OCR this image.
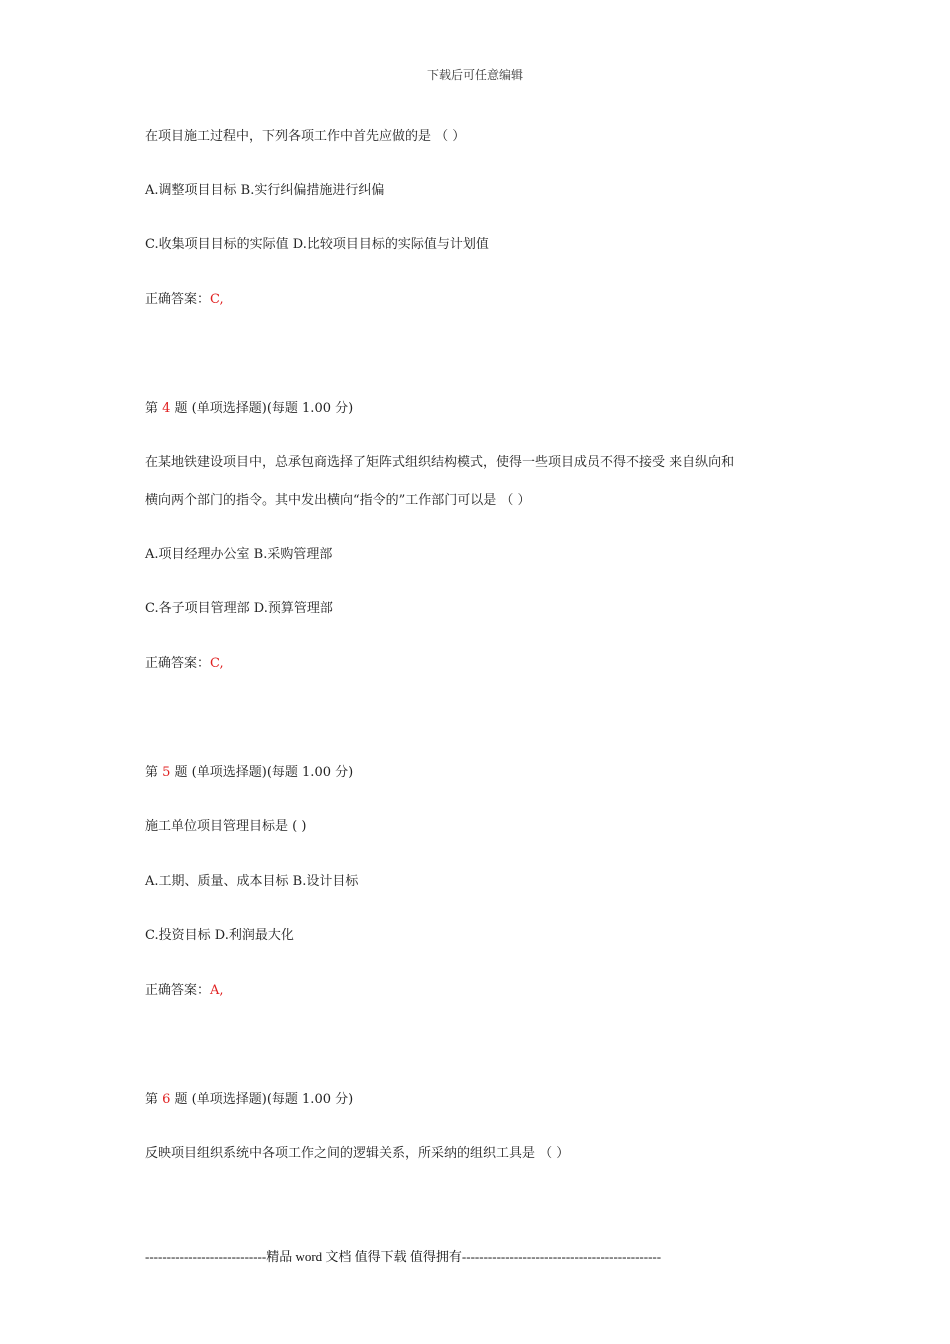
下载后可任意编辑
在项目施工过程中，下列各项工作中首先应做的是 （ ）
A.调整项目目标 B.实行纠偏措施进行纠偏
C.收集项目目标的实际值 D.比较项目目标的实际值与计划值
正确答案：C,
第 4 题 (单项选择题)(每题 1.00 分)
在某地铁建设项目中，总承包商选择了矩阵式组织结构模式，使得一些项目成员不得不接受 来自纵向和
横向两个部门的指令。其中发出横向“指令的”工作部门可以是 （ ）
A.项目经理办公室 B.采购管理部
C.各子项目管理部 D.预算管理部
正确答案：C,
第 5 题 (单项选择题)(每题 1.00 分)
施工单位项目管理目标是 ( )
A.工期、质量、成本目标 B.设计目标
C.投资目标 D.利润最大化
正确答案：A,
第 6 题 (单项选择题)(每题 1.00 分)
反映项目组织系统中各项工作之间的逻辑关系，所采纳的组织工具是 （ ）
----------------------------精品 word 文档 值得下载 值得拥有----------------------------------------------
